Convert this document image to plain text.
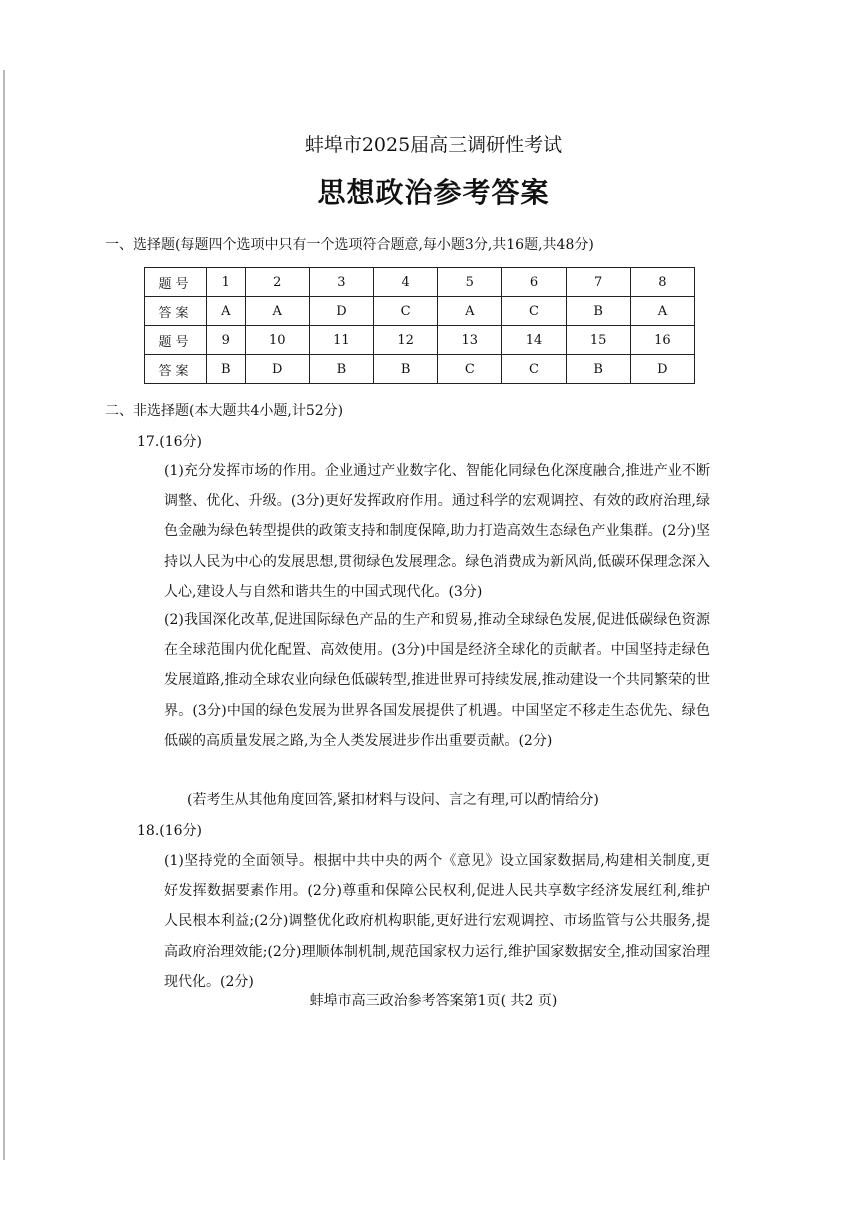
蚌埠市2025届高三调研性考试
思想政治参考答案
一、选择题(每题四个选项中只有一个选项符合题意,每小题3分,共16题,共48分)
题号	1	2	3	4	5	6	7	8
答案	A	A	D	C	A	C	B	A
题号	9	10	11	12	13	14	15	16
答案	B	D	B	B	C	C	B	D
二、非选择题(本大题共4小题,计52分)
17.(16分)
(1)充分发挥市场的作用。企业通过产业数字化、智能化同绿色化深度融合,推进产业不断调整、优化、升级。(3分)更好发挥政府作用。通过科学的宏观调控、有效的政府治理,绿色金融为绿色转型提供的政策支持和制度保障,助力打造高效生态绿色产业集群。(2分)坚持以人民为中心的发展思想,贯彻绿色发展理念。绿色消费成为新风尚,低碳环保理念深入人心,建设人与自然和谐共生的中国式现代化。(3分)
(2)我国深化改革,促进国际绿色产品的生产和贸易,推动全球绿色发展,促进低碳绿色资源在全球范围内优化配置、高效使用。(3分)中国是经济全球化的贡献者。中国坚持走绿色发展道路,推动全球农业向绿色低碳转型,推进世界可持续发展,推动建设一个共同繁荣的世界。(3分)中国的绿色发展为世界各国发展提供了机遇。中国坚定不移走生态优先、绿色低碳的高质量发展之路,为全人类发展进步作出重要贡献。(2分)
(若考生从其他角度回答,紧扣材料与设问、言之有理,可以酌情给分)
18.(16分)
(1)坚持党的全面领导。根据中共中央的两个《意见》设立国家数据局,构建相关制度,更好发挥数据要素作用。(2分)尊重和保障公民权利,促进人民共享数字经济发展红利,维护人民根本利益;(2分)调整优化政府机构职能,更好进行宏观调控、市场监管与公共服务,提高政府治理效能;(2分)理顺体制机制,规范国家权力运行,维护国家数据安全,推动国家治理现代化。(2分)
蚌埠市高三政治参考答案第1页( 共2 页)
